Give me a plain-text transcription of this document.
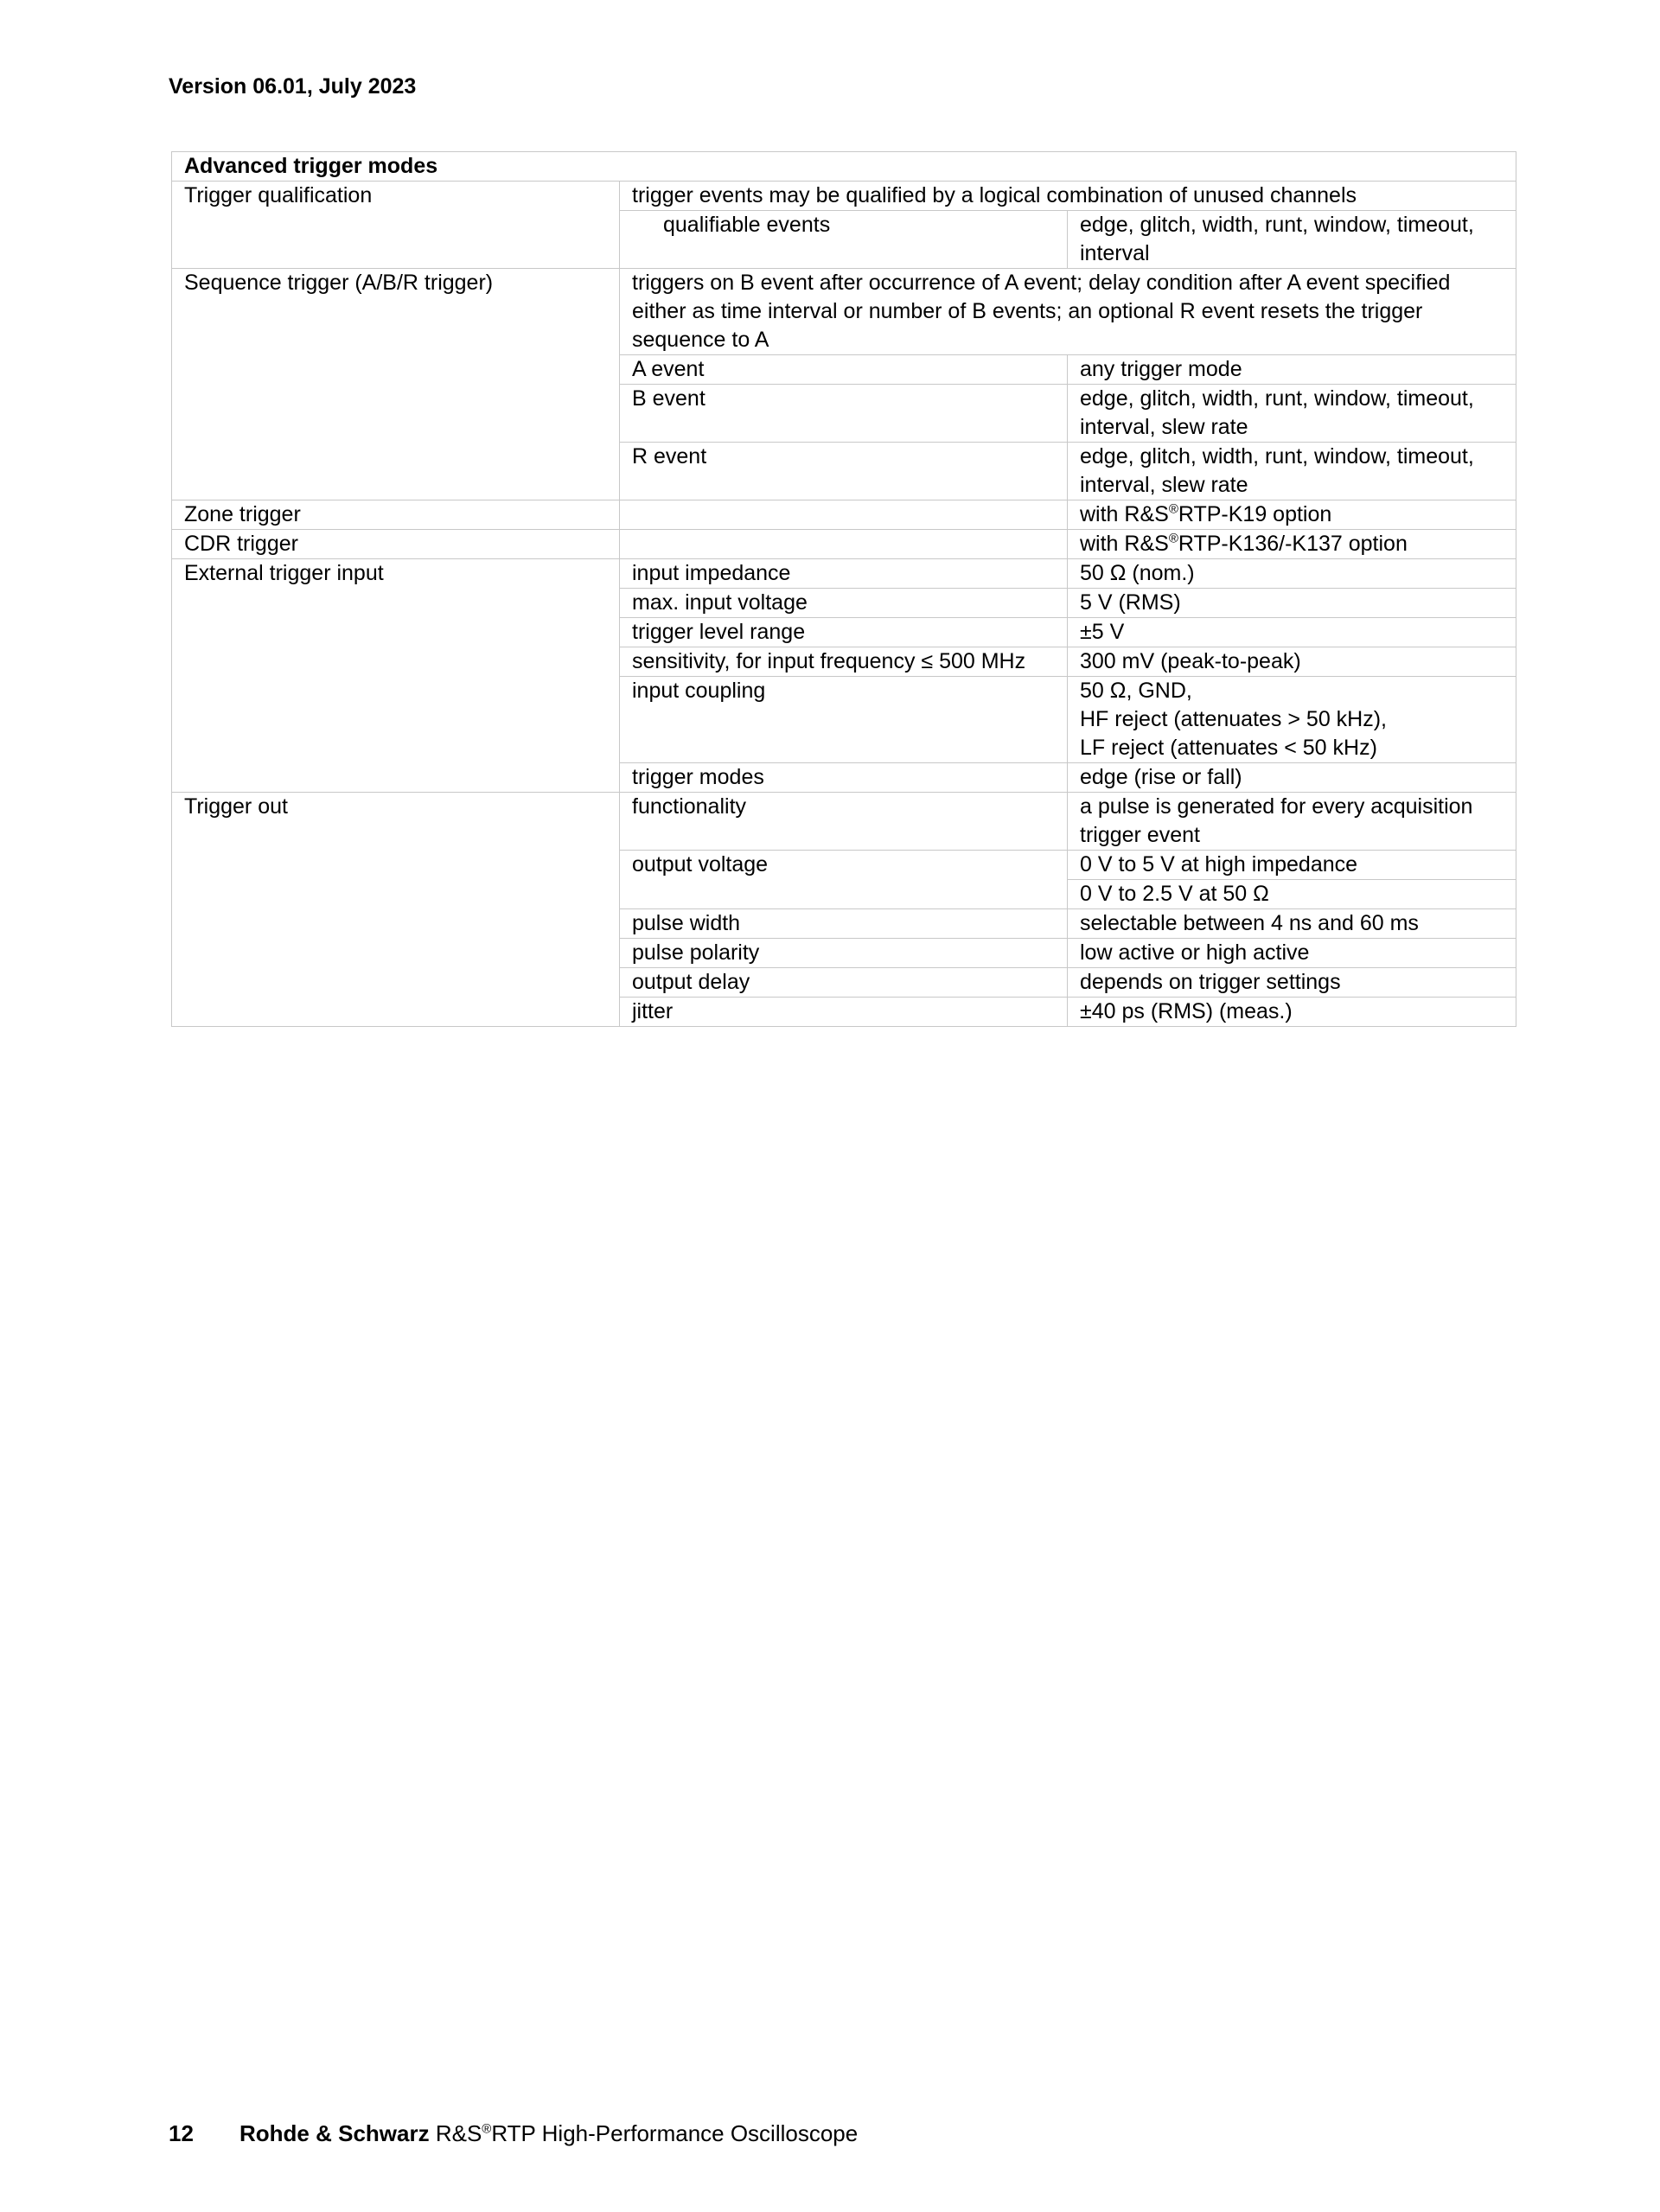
Version 06.01, July 2023
Advanced trigger modes		
Trigger qualification	trigger events may be qualified by a logical combination of unused channels	
	qualifiable events	edge, glitch, width, runt, window, timeout, interval
Sequence trigger (A/B/R trigger)	triggers on B event after occurrence of A event; delay condition after A event specified either as time interval or number of B events; an optional R event resets the trigger sequence to A	
	A event	any trigger mode
	B event	edge, glitch, width, runt, window, timeout, interval, slew rate
	R event	edge, glitch, width, runt, window, timeout, interval, slew rate
Zone trigger		with R&S®RTP-K19 option
CDR trigger		with R&S®RTP-K136/-K137 option
External trigger input	input impedance	50 Ω (nom.)
	max. input voltage	5 V (RMS)
	trigger level range	±5 V
	sensitivity, for input frequency ≤ 500 MHz	300 mV (peak-to-peak)
	input coupling	50 Ω, GND,
HF reject (attenuates > 50 kHz),
LF reject (attenuates < 50 kHz)

	trigger modes	edge (rise or fall)
Trigger out	functionality	a pulse is generated for every acquisition trigger event
	output voltage	0 V to 5 V at high impedance
		0 V to 2.5 V at 50 Ω
	pulse width	selectable between 4 ns and 60 ms
	pulse polarity	low active or high active
	output delay	depends on trigger settings
	jitter	±40 ps (RMS) (meas.)
12 Rohde & Schwarz R&S®RTP High-Performance Oscilloscope
